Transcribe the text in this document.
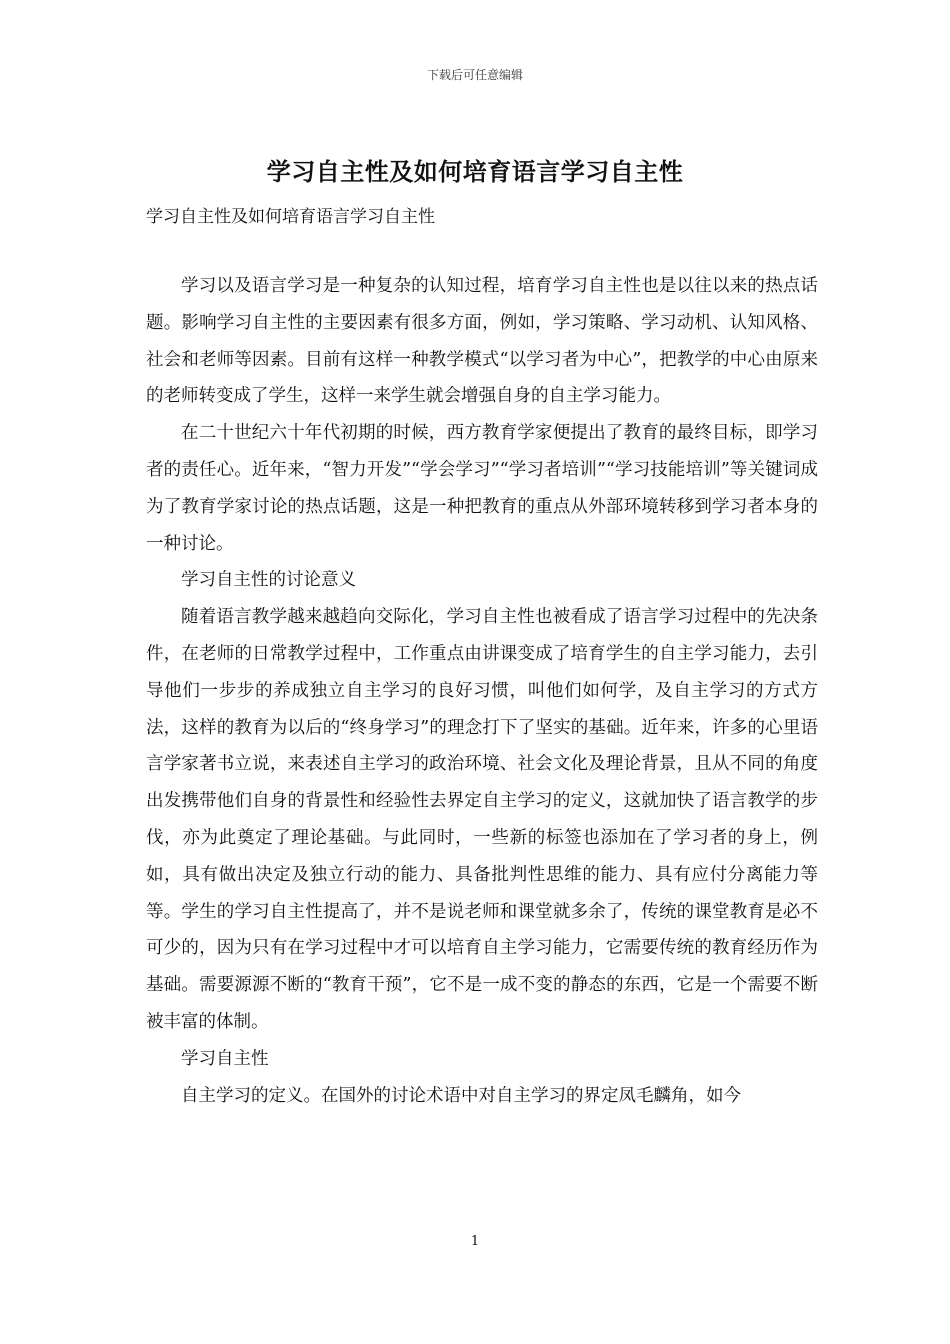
下载后可任意编辑
学习自主性及如何培育语言学习自主性
学习自主性及如何培育语言学习自主性

学习以及语言学习是一种复杂的认知过程，培育学习自主性也是以往以来的热点话题。影响学习自主性的主要因素有很多方面，例如，学习策略、学习动机、认知风格、社会和老师等因素。目前有这样一种教学模式“以学习者为中心”，把教学的中心由原来的老师转变成了学生，这样一来学生就会增强自身的自主学习能力。

在二十世纪六十年代初期的时候，西方教育学家便提出了教育的最终目标，即学习者的责任心。近年来，“智力开发”“学会学习”“学习者培训”“学习技能培训”等关键词成为了教育学家讨论的热点话题，这是一种把教育的重点从外部环境转移到学习者本身的一种讨论。

学习自主性的讨论意义

随着语言教学越来越趋向交际化，学习自主性也被看成了语言学习过程中的先决条件，在老师的日常教学过程中，工作重点由讲课变成了培育学生的自主学习能力，去引导他们一步步的养成独立自主学习的良好习惯，叫他们如何学，及自主学习的方式方法，这样的教育为以后的“终身学习”的理念打下了坚实的基础。近年来，许多的心里语言学家著书立说，来表述自主学习的政治环境、社会文化及理论背景，且从不同的角度出发携带他们自身的背景性和经验性去界定自主学习的定义，这就加快了语言教学的步伐，亦为此奠定了理论基础。与此同时，一些新的标签也添加在了学习者的身上，例如，具有做出决定及独立行动的能力、具备批判性思维的能力、具有应付分离能力等等。学生的学习自主性提高了，并不是说老师和课堂就多余了，传统的课堂教育是必不可少的，因为只有在学习过程中才可以培育自主学习能力，它需要传统的教育经历作为基础。需要源源不断的“教育干预”，它不是一成不变的静态的东西，它是一个需要不断被丰富的体制。

学习自主性

自主学习的定义。在国外的讨论术语中对自主学习的界定凤毛麟角，如今

1
